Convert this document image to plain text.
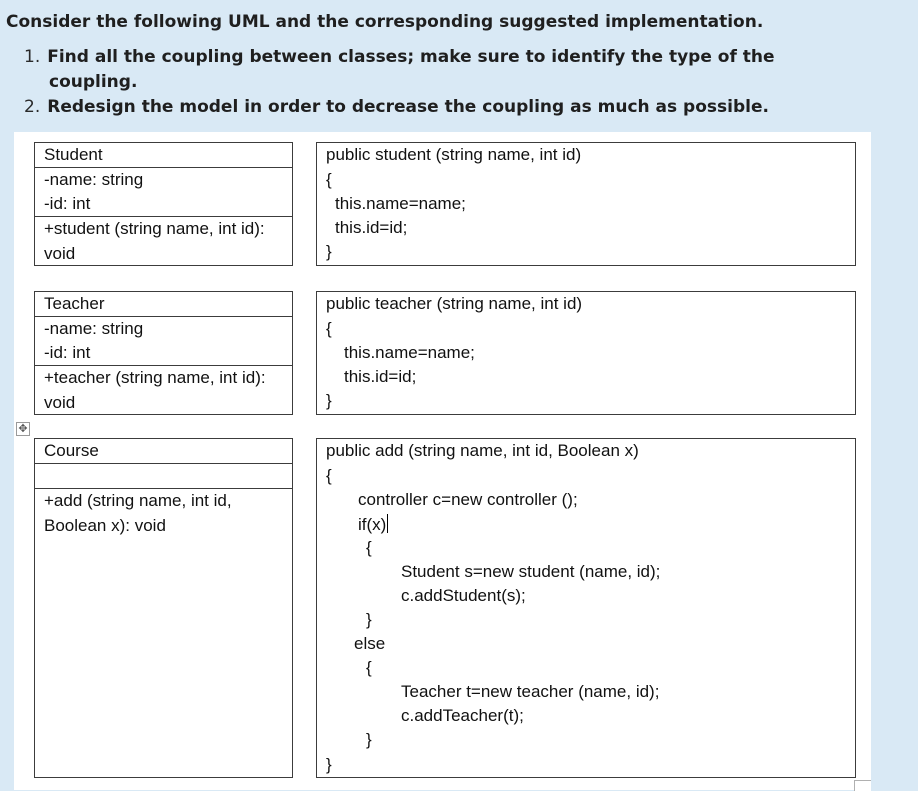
Consider the following UML and the corresponding suggested implementation.
1. Find all the coupling between classes; make sure to identify the type of the
coupling.
2. Redesign the model in order to decrease the coupling as much as possible.
✥
Student
-name: string
-id: int
+student (string name, int id):
void
public student (string name, int id)
{
this.name=name;
this.id=id;
}
Teacher
-name: string
-id: int
+teacher (string name, int id):
void
public teacher (string name, int id)
{
this.name=name;
this.id=id;
}
Course
+add (string name, int id,
Boolean x): void
public add (string name, int id, Boolean x)
{
controller c=new controller ();
if(x)
{
Student s=new student (name, id);
c.addStudent(s);
}
else
{
Teacher t=new teacher (name, id);
c.addTeacher(t);
}
}
